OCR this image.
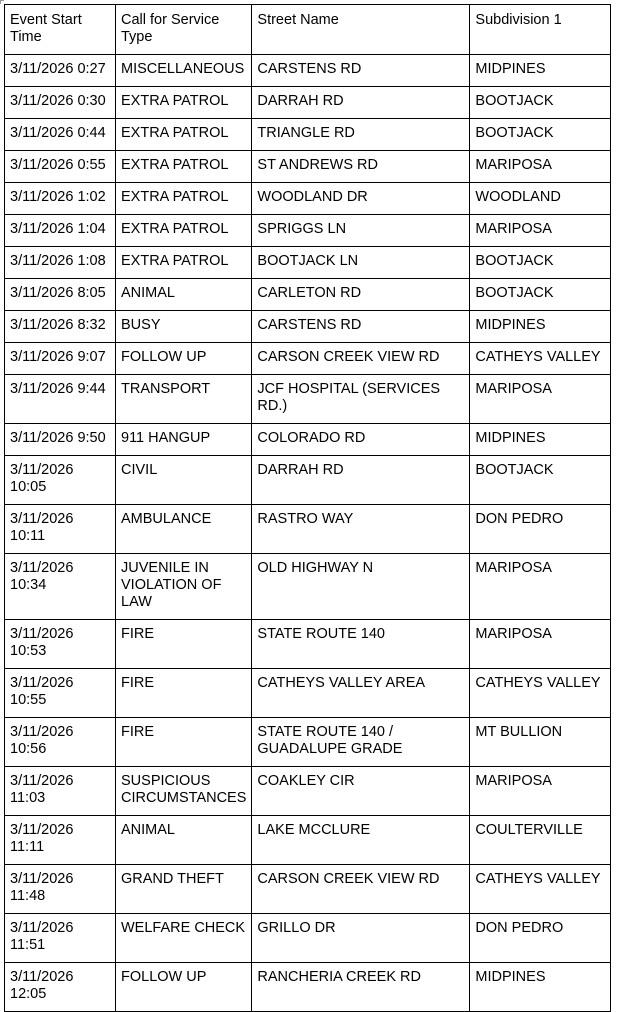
Event Start Time	Call for Service Type	Street Name	Subdivision 1
3/11/2026 0:27	MISCELLANEOUS	CARSTENS RD	MIDPINES
3/11/2026 0:30	EXTRA PATROL	DARRAH RD	BOOTJACK
3/11/2026 0:44	EXTRA PATROL	TRIANGLE RD	BOOTJACK
3/11/2026 0:55	EXTRA PATROL	ST ANDREWS RD	MARIPOSA
3/11/2026 1:02	EXTRA PATROL	WOODLAND DR	WOODLAND
3/11/2026 1:04	EXTRA PATROL	SPRIGGS LN	MARIPOSA
3/11/2026 1:08	EXTRA PATROL	BOOTJACK LN	BOOTJACK
3/11/2026 8:05	ANIMAL	CARLETON RD	BOOTJACK
3/11/2026 8:32	BUSY	CARSTENS RD	MIDPINES
3/11/2026 9:07	FOLLOW UP	CARSON CREEK VIEW RD	CATHEYS VALLEY
3/11/2026 9:44	TRANSPORT	JCF HOSPITAL (SERVICES RD.)	MARIPOSA
3/11/2026 9:50	911 HANGUP	COLORADO RD	MIDPINES
3/11/2026 10:05	CIVIL	DARRAH RD	BOOTJACK
3/11/2026 10:11	AMBULANCE	RASTRO WAY	DON PEDRO
3/11/2026 10:34	JUVENILE IN VIOLATION OF LAW	OLD HIGHWAY N	MARIPOSA
3/11/2026 10:53	FIRE	STATE ROUTE 140	MARIPOSA
3/11/2026 10:55	FIRE	CATHEYS VALLEY AREA	CATHEYS VALLEY
3/11/2026 10:56	FIRE	STATE ROUTE 140 / GUADALUPE GRADE	MT BULLION
3/11/2026 11:03	SUSPICIOUS CIRCUMSTANCES	COAKLEY CIR	MARIPOSA
3/11/2026 11:11	ANIMAL	LAKE MCCLURE	COULTERVILLE
3/11/2026 11:48	GRAND THEFT	CARSON CREEK VIEW RD	CATHEYS VALLEY
3/11/2026 11:51	WELFARE CHECK	GRILLO DR	DON PEDRO
3/11/2026 12:05	FOLLOW UP	RANCHERIA CREEK RD	MIDPINES
